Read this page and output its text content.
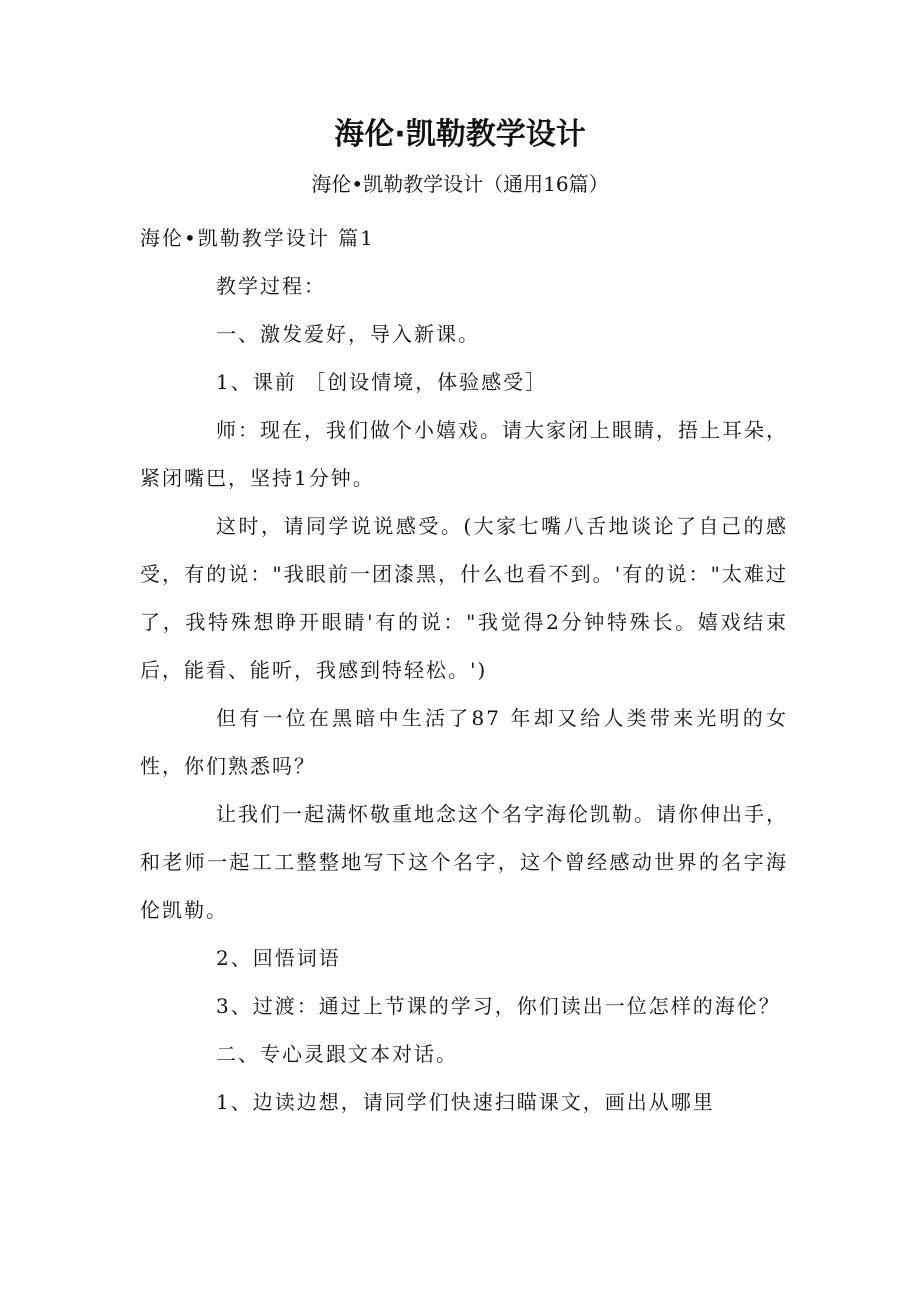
海伦·凯勒教学设计
海伦•凯勒教学设计（通用16篇）

海伦•凯勒教学设计 篇1

教学过程：

一、激发爱好，导入新课。

1、课前 ［创设情境，体验感受］

师：现在，我们做个小嬉戏。请大家闭上眼睛，捂上耳朵，紧闭嘴巴，坚持1分钟。

这时，请同学说说感受。(大家七嘴八舌地谈论了自己的感受，有的说："我眼前一团漆黑，什么也看不到。'有的说："太难过了，我特殊想睁开眼睛'有的说："我觉得2分钟特殊长。嬉戏结束后，能看、能听，我感到特轻松。')

但有一位在黑暗中生活了87 年却又给人类带来光明的女性，你们熟悉吗？

让我们一起满怀敬重地念这个名字海伦凯勒。请你伸出手，和老师一起工工整整地写下这个名字，这个曾经感动世界的名字海伦凯勒。

2、回悟词语

3、过渡：通过上节课的学习，你们读出一位怎样的海伦？

二、专心灵跟文本对话。

1、边读边想，请同学们快速扫瞄课文，画出从哪里
